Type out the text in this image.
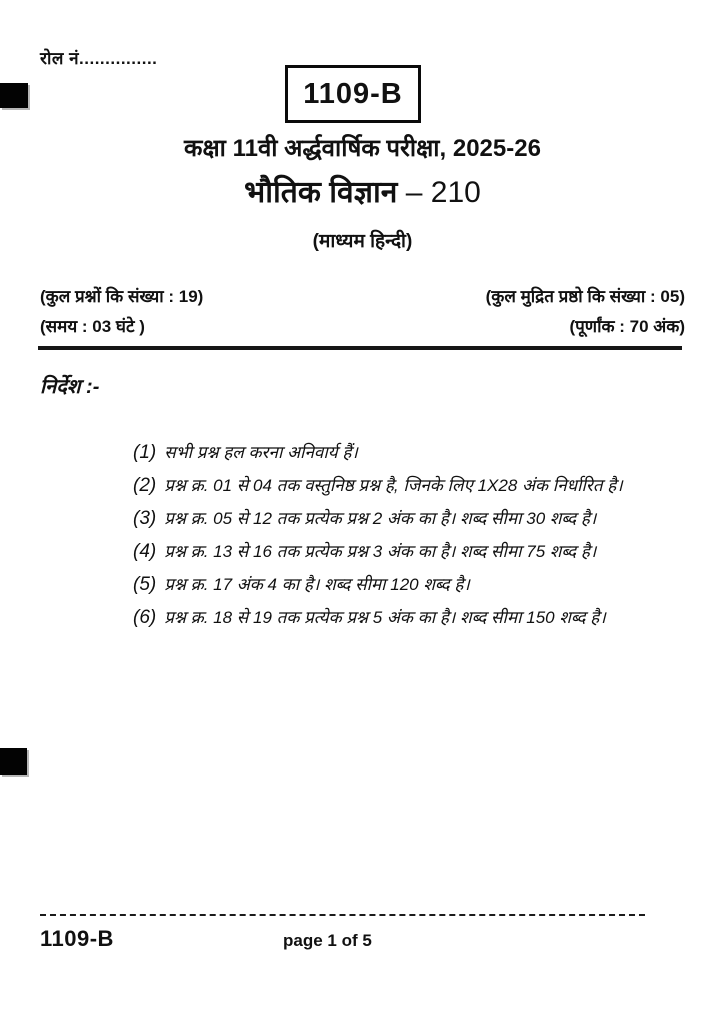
रोल नं...............
1109-B
कक्षा 11वी अर्द्धवार्षिक परीक्षा, 2025-26
भौतिक विज्ञान – 210
(माध्यम हिन्दी)
(कुल प्रश्नों कि संख्या : 19)	(कुल मुद्रित प्रष्ठो कि संख्या : 05)
(समय : 03 घंटे )	(पूर्णांक : 70 अंक)
निर्देश :-
(1) सभी प्रश्न हल करना अनिवार्य हैं।
(2) प्रश्न क्र. 01 से 04 तक वस्तुनिष्ठ प्रश्न है, जिनके लिए 1X28 अंक निर्धारित है।
(3) प्रश्न क्र. 05 से 12 तक प्रत्येक प्रश्न 2 अंक का है। शब्द सीमा 30 शब्द है।
(4) प्रश्न क्र. 13 से 16 तक प्रत्येक प्रश्न 3 अंक का है। शब्द सीमा 75 शब्द है।
(5) प्रश्न क्र. 17 अंक 4 का है। शब्द सीमा 120 शब्द है।
(6) प्रश्न क्र. 18 से 19 तक प्रत्येक प्रश्न 5 अंक का है। शब्द सीमा 150 शब्द है।
1109-B	page 1 of 5
